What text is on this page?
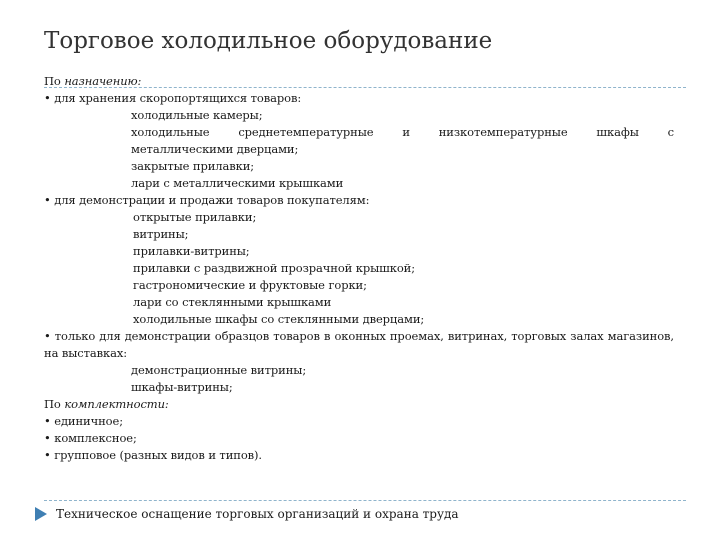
Торговое холодильное оборудование
По назначению:
• для хранения скоропортящихся товаров:
холодильные камеры;
холодильные	среднетемпературные	и	низкотемпературные	шкафы	с
металлическими дверцами;
закрытые прилавки;
лари с металлическими крышками
• для демонстрации и продажи товаров покупателям:
открытые прилавки;
витрины;
прилавки-витрины;
прилавки с раздвижной прозрачной крышкой;
гастрономические и фруктовые горки;
лари со стеклянными крышками
холодильные шкафы со стеклянными дверцами;
• только для демонстрации образцов товаров в оконных проемах, витринах, торговых залах магазинов, на выставках:
демонстрационные витрины;
шкафы-витрины;
По комплектности:
• единичное;
• комплексное;
• групповое (разных видов и типов).
Техническое оснащение торговых организаций и охрана труда
